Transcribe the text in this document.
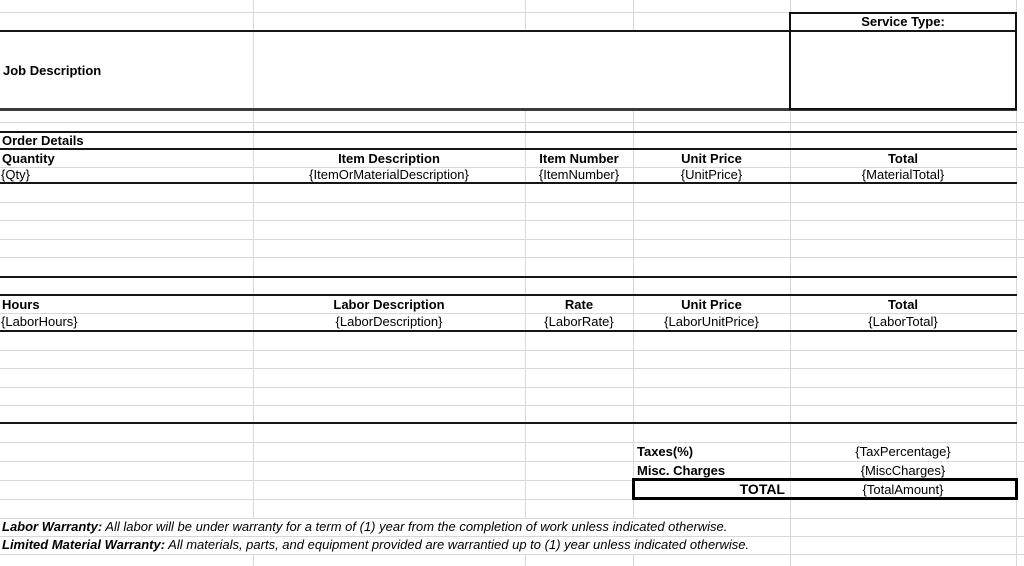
Service Type:
Job Description
Order Details
Quantity	Item Description	Item Number	Unit Price	Total
{Qty}	{ItemOrMaterialDescription}	{ItemNumber}	{UnitPrice}	{MaterialTotal}
Hours	Labor Description	Rate	Unit Price	Total
{LaborHours}	{LaborDescription}	{LaborRate}	{LaborUnitPrice}	{LaborTotal}
Taxes(%)	{TaxPercentage}
Misc. Charges	{MiscCharges}
TOTAL	{TotalAmount}
Labor Warranty: All labor will be under warranty for a term of (1) year from the completion of work unless indicated otherwise.
Limited Material Warranty: All materials, parts, and equipment provided are warrantied up to (1) year unless indicated otherwise.
